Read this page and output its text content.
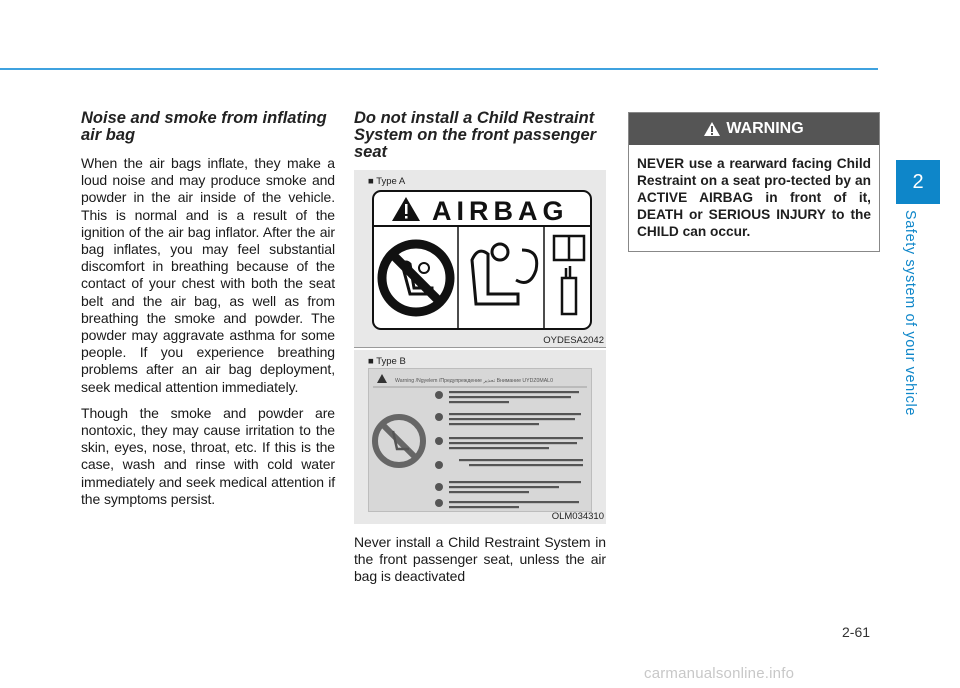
Noise and smoke from inflating air bag

When the air bags inflate, they make a loud noise and may produce smoke and powder in the air inside of the vehicle. This is normal and is a result of the ignition of the air bag inflator. After the air bag inflates, you may feel substantial discomfort in breathing because of the contact of your chest with both the seat belt and the air bag, as well as from breathing the smoke and powder. The powder may aggravate asthma for some people. If you experience breathing problems after an air bag deployment, seek medical attention immediately.

Though the smoke and powder are nontoxic, they may cause irritation to the skin, eyes, nose, throat, etc. If this is the case, wash and rinse with cold water immediately and seek medical attention if the symptoms persist.

Do not install a Child Restraint System on the front passenger seat
■ Type A
AIRBAG
OYDESA2042
■ Type B
Warning /Ngyelem /Предупреждение تحذير Внимание UYDZ0MAL0
OLM034310

Never install a Child Restraint System in the front passenger seat, unless the air bag is deactivated

WARNING
NEVER use a rearward facing Child Restraint on a seat pro-tected by an ACTIVE AIRBAG in front of it, DEATH or SERIOUS INJURY to the CHILD can occur.
2
Safety system of your vehicle
2-61
carmanualsonline.info
